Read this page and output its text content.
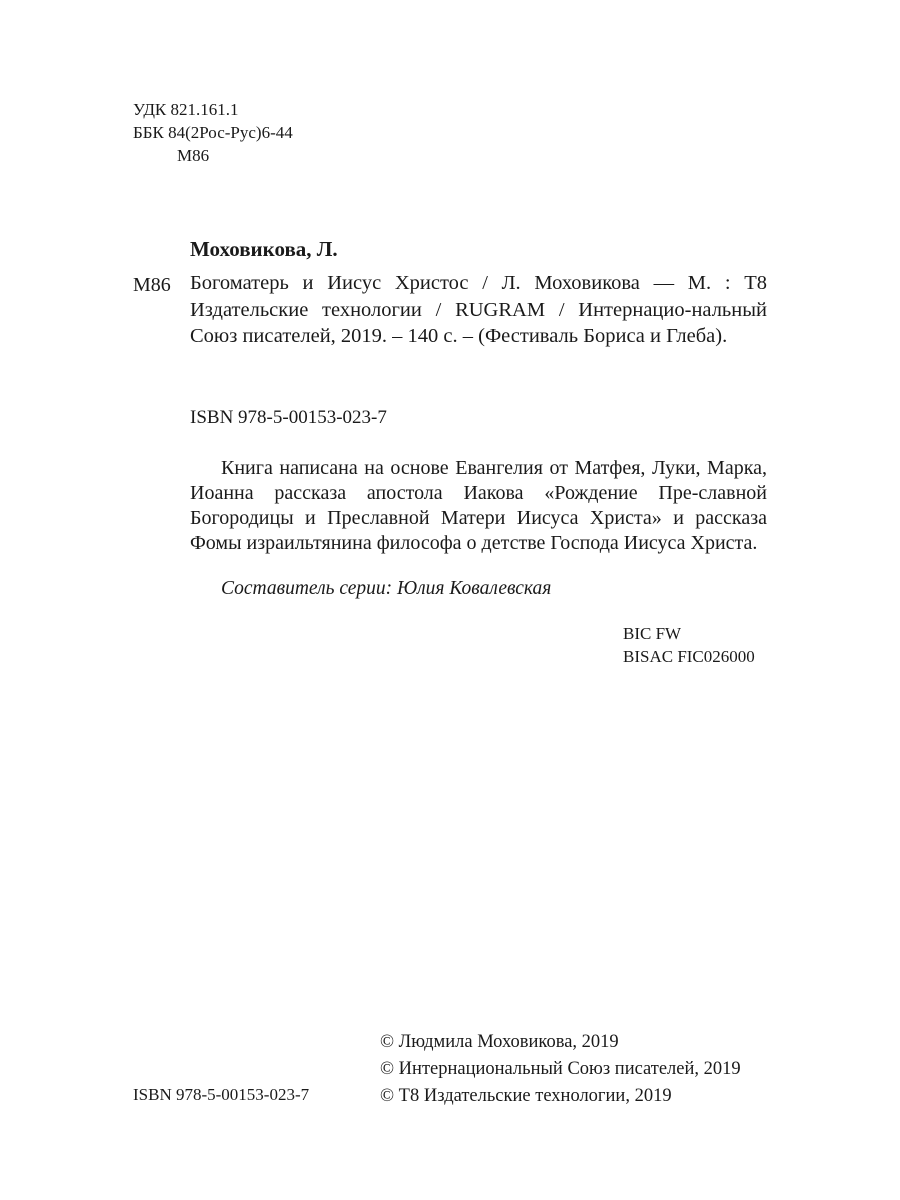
УДК 821.161.1
ББК 84(2Рос-Рус)6-44
М86
Моховикова, Л.
М86 Богоматерь и Иисус Христос / Л. Моховикова — М. : Т8 Издательские технологии / RUGRAM / Интернацио-нальный Союз писателей, 2019. – 140 с. – (Фестиваль Бориса и Глеба).
ISBN 978-5-00153-023-7
Книга написана на основе Евангелия от Матфея, Луки, Марка, Иоанна рассказа апостола Иакова «Рождение Пре-славной Богородицы и Преславной Матери Иисуса Христа» и рассказа Фомы израильтянина философа о детстве Господа Иисуса Христа.
Составитель серии: Юлия Ковалевская
BIC FW
BISAC FIC026000
ISBN 978-5-00153-023-7
© Людмила Моховикова, 2019
© Интернациональный Союз писателей, 2019
© Т8 Издательские технологии, 2019
